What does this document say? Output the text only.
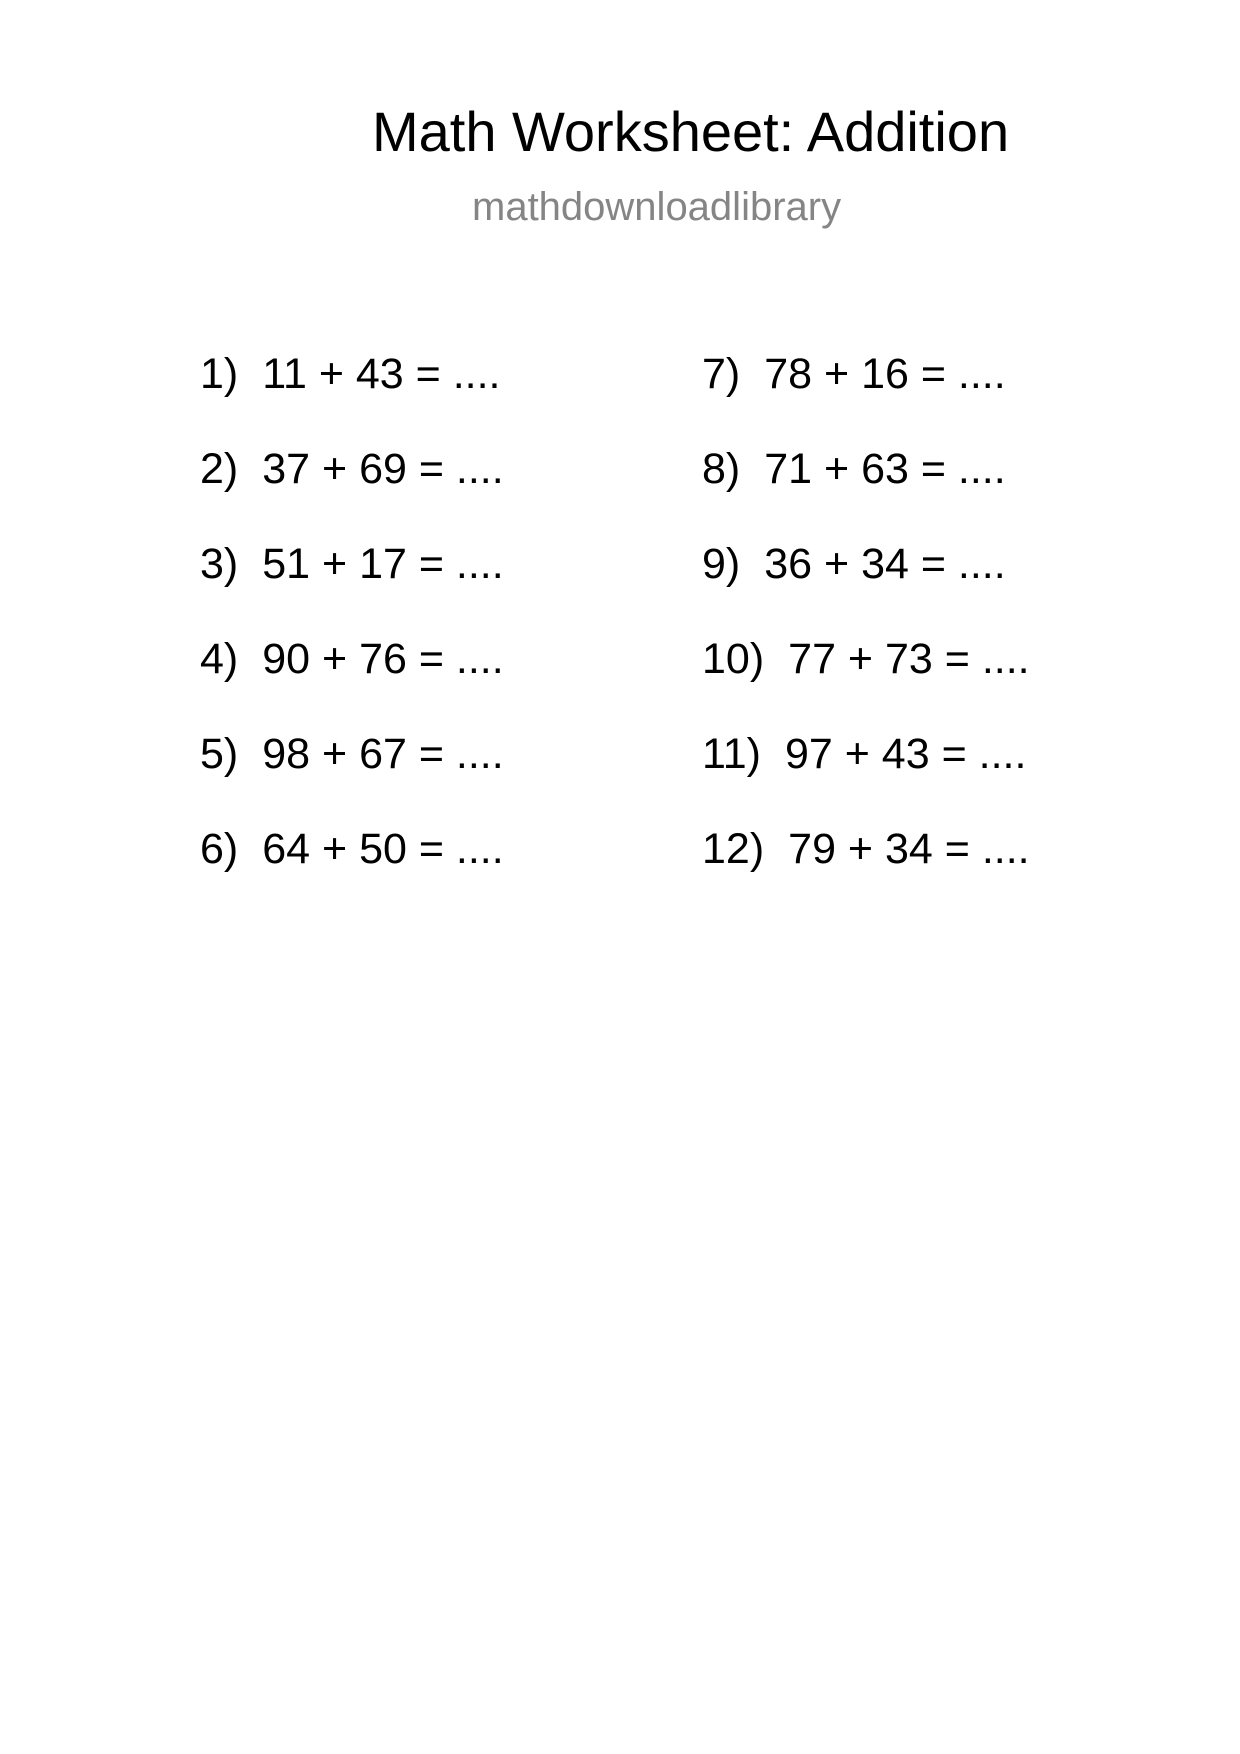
Math Worksheet: Addition
mathdownloadlibrary
1) 11 + 43 = ....
2) 37 + 69 = ....
3) 51 + 17 = ....
4) 90 + 76 = ....
5) 98 + 67 = ....
6) 64 + 50 = ....
7) 78 + 16 = ....
8) 71 + 63 = ....
9) 36 + 34 = ....
10) 77 + 73 = ....
11) 97 + 43 = ....
12) 79 + 34 = ....
